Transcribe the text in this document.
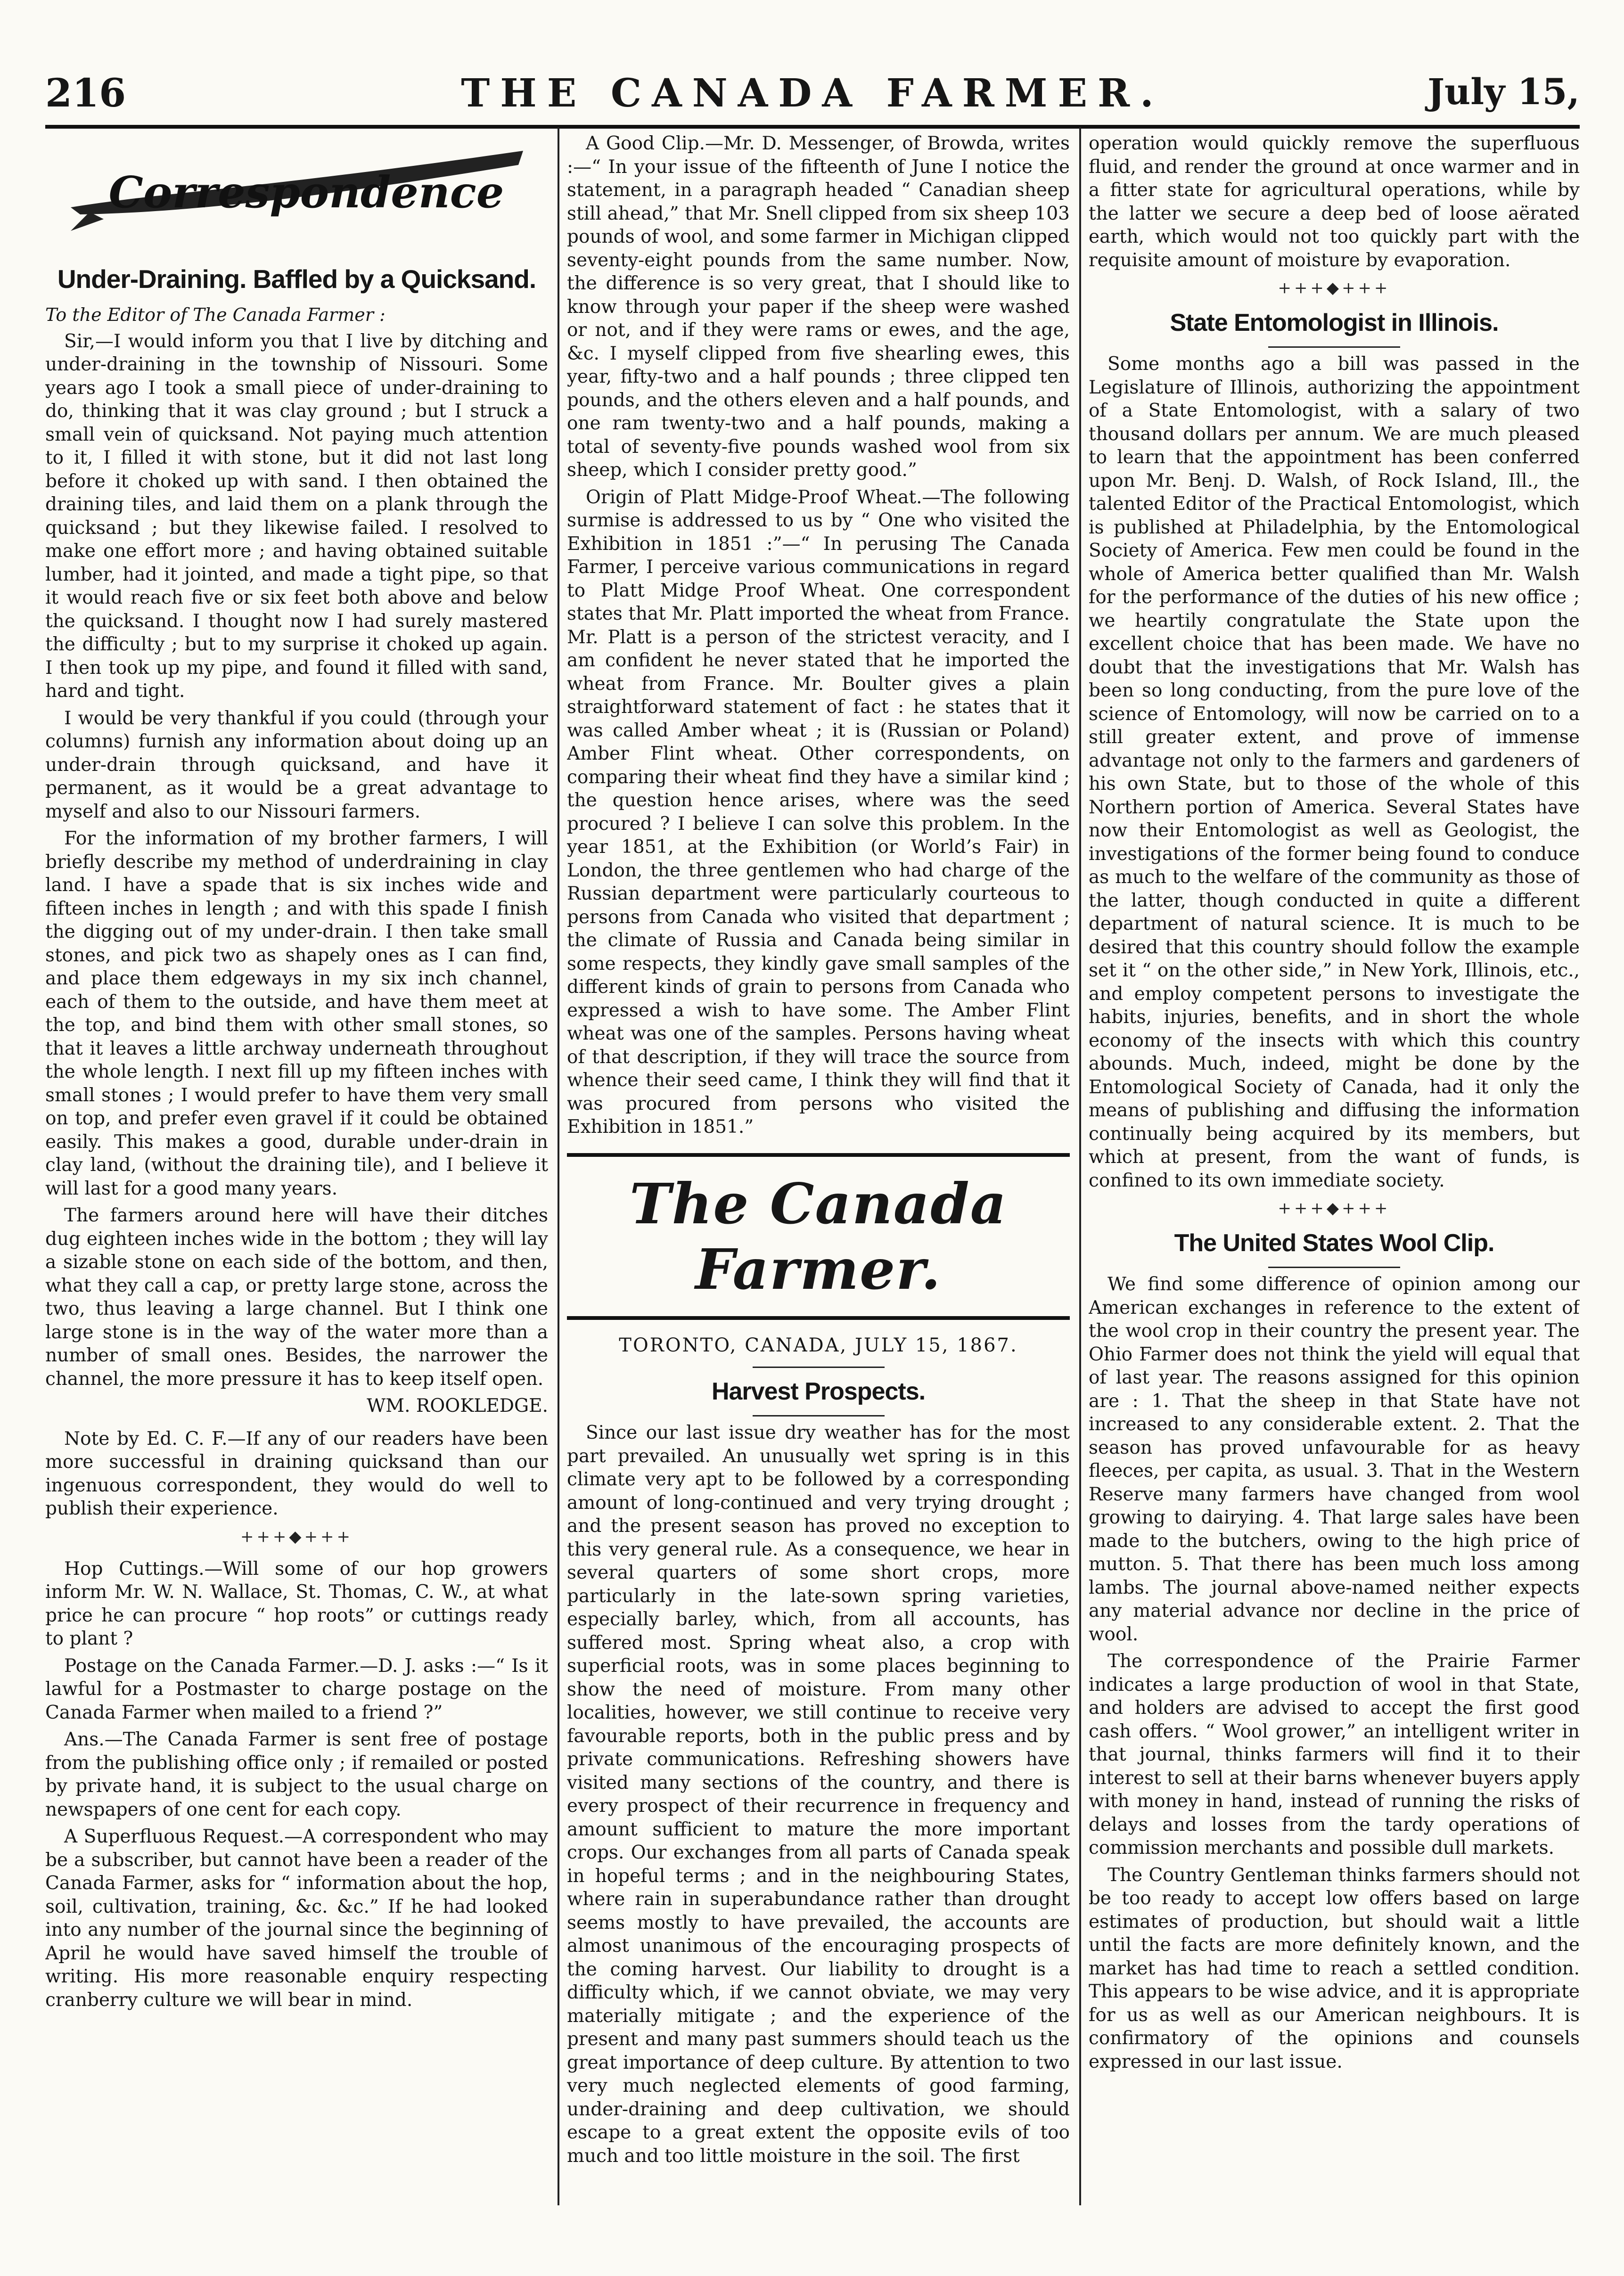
216	THE CANADA FARMER.	July 15,
Correspondence
Under-Draining. Baffled by a Quicksand.

To the Editor of The Canada Farmer :

Sir,—I would inform you that I live by ditching and under-draining in the township of Nissouri. Some years ago I took a small piece of under-draining to do, thinking that it was clay ground ; but I struck a small vein of quicksand. Not paying much attention to it, I filled it with stone, but it did not last long before it choked up with sand. I then obtained the draining tiles, and laid them on a plank through the quicksand ; but they likewise failed. I resolved to make one effort more ; and having obtained suitable lumber, had it jointed, and made a tight pipe, so that it would reach five or six feet both above and below the quicksand. I thought now I had surely mastered the difficulty ; but to my surprise it choked up again. I then took up my pipe, and found it filled with sand, hard and tight.

I would be very thankful if you could (through your columns) furnish any information about doing up an under-drain through quicksand, and have it permanent, as it would be a great advantage to myself and also to our Nissouri farmers.

For the information of my brother farmers, I will briefly describe my method of underdraining in clay land. I have a spade that is six inches wide and fifteen inches in length ; and with this spade I finish the digging out of my under-drain. I then take small stones, and pick two as shapely ones as I can find, and place them edgeways in my six inch channel, each of them to the outside, and have them meet at the top, and bind them with other small stones, so that it leaves a little archway underneath throughout the whole length. I next fill up my fifteen inches with small stones ; I would prefer to have them very small on top, and prefer even gravel if it could be obtained easily. This makes a good, durable under-drain in clay land, (without the draining tile), and I believe it will last for a good many years.

The farmers around here will have their ditches dug eighteen inches wide in the bottom ; they will lay a sizable stone on each side of the bottom, and then, what they call a cap, or pretty large stone, across the two, thus leaving a large channel. But I think one large stone is in the way of the water more than a number of small ones. Besides, the narrower the channel, the more pressure it has to keep itself open.

WM. ROOKLEDGE.

Note by Ed. C. F.—If any of our readers have been more successful in draining quicksand than our ingenuous correspondent, they would do well to publish their experience.

+++◆+++

Hop Cuttings.—Will some of our hop growers inform Mr. W. N. Wallace, St. Thomas, C. W., at what price he can procure “ hop roots” or cuttings ready to plant ?

Postage on the Canada Farmer.—D. J. asks :—“ Is it lawful for a Postmaster to charge postage on the Canada Farmer when mailed to a friend ?”

Ans.—The Canada Farmer is sent free of postage from the publishing office only ; if remailed or posted by private hand, it is subject to the usual charge on newspapers of one cent for each copy.

A Superfluous Request.—A correspondent who may be a subscriber, but cannot have been a reader of the Canada Farmer, asks for “ information about the hop, soil, cultivation, training, &c. &c.” If he had looked into any number of the journal since the beginning of April he would have saved himself the trouble of writing. His more reasonable enquiry respecting cranberry culture we will bear in mind.

A Good Clip.—Mr. D. Messenger, of Browda, writes :—“ In your issue of the fifteenth of June I notice the statement, in a paragraph headed “ Canadian sheep still ahead,” that Mr. Snell clipped from six sheep 103 pounds of wool, and some farmer in Michigan clipped seventy-eight pounds from the same number. Now, the difference is so very great, that I should like to know through your paper if the sheep were washed or not, and if they were rams or ewes, and the age, &c. I myself clipped from five shearling ewes, this year, fifty-two and a half pounds ; three clipped ten pounds, and the others eleven and a half pounds, and one ram twenty-two and a half pounds, making a total of seventy-five pounds washed wool from six sheep, which I consider pretty good.”

Origin of Platt Midge-Proof Wheat.—The following surmise is addressed to us by “ One who visited the Exhibition in 1851 :”—“ In perusing The Canada Farmer, I perceive various communications in regard to Platt Midge Proof Wheat. One correspondent states that Mr. Platt imported the wheat from France. Mr. Platt is a person of the strictest veracity, and I am confident he never stated that he imported the wheat from France. Mr. Boulter gives a plain straightforward statement of fact : he states that it was called Amber wheat ; it is (Russian or Poland) Amber Flint wheat. Other correspondents, on comparing their wheat find they have a similar kind ; the question hence arises, where was the seed procured ? I believe I can solve this problem. In the year 1851, at the Exhibition (or World’s Fair) in London, the three gentlemen who had charge of the Russian department were particularly courteous to persons from Canada who visited that department ; the climate of Russia and Canada being similar in some respects, they kindly gave small samples of the different kinds of grain to persons from Canada who expressed a wish to have some. The Amber Flint wheat was one of the samples. Persons having wheat of that description, if they will trace the source from whence their seed came, I think they will find that it was procured from persons who visited the Exhibition in 1851.”

The Canada Farmer.

TORONTO, CANADA, JULY 15, 1867.

Harvest Prospects.

Since our last issue dry weather has for the most part prevailed. An unusually wet spring is in this climate very apt to be followed by a corresponding amount of long-continued and very trying drought ; and the present season has proved no exception to this very general rule. As a consequence, we hear in several quarters of some short crops, more particularly in the late-sown spring varieties, especially barley, which, from all accounts, has suffered most. Spring wheat also, a crop with superficial roots, was in some places beginning to show the need of moisture. From many other localities, however, we still continue to receive very favourable reports, both in the public press and by private communications. Refreshing showers have visited many sections of the country, and there is every prospect of their recurrence in frequency and amount sufficient to mature the more important crops. Our exchanges from all parts of Canada speak in hopeful terms ; and in the neighbouring States, where rain in superabundance rather than drought seems mostly to have prevailed, the accounts are almost unanimous of the encouraging prospects of the coming harvest. Our liability to drought is a difficulty which, if we cannot obviate, we may very materially mitigate ; and the experience of the present and many past summers should teach us the great importance of deep culture. By attention to two very much neglected elements of good farming, under-draining and deep cultivation, we should escape to a great extent the opposite evils of too much and too little moisture in the soil. The first

operation would quickly remove the superfluous fluid, and render the ground at once warmer and in a fitter state for agricultural operations, while by the latter we secure a deep bed of loose aërated earth, which would not too quickly part with the requisite amount of moisture by evaporation.

+++◆+++
State Entomologist in Illinois.

Some months ago a bill was passed in the Legislature of Illinois, authorizing the appointment of a State Entomologist, with a salary of two thousand dollars per annum. We are much pleased to learn that the appointment has been conferred upon Mr. Benj. D. Walsh, of Rock Island, Ill., the talented Editor of the Practical Entomologist, which is published at Philadelphia, by the Entomological Society of America. Few men could be found in the whole of America better qualified than Mr. Walsh for the performance of the duties of his new office ; we heartily congratulate the State upon the excellent choice that has been made. We have no doubt that the investigations that Mr. Walsh has been so long conducting, from the pure love of the science of Entomology, will now be carried on to a still greater extent, and prove of immense advantage not only to the farmers and gardeners of his own State, but to those of the whole of this Northern portion of America. Several States have now their Entomologist as well as Geologist, the investigations of the former being found to conduce as much to the welfare of the community as those of the latter, though conducted in quite a different department of natural science. It is much to be desired that this country should follow the example set it “ on the other side,” in New York, Illinois, etc., and employ competent persons to investigate the habits, injuries, benefits, and in short the whole economy of the insects with which this country abounds. Much, indeed, might be done by the Entomological Society of Canada, had it only the means of publishing and diffusing the information continually being acquired by its members, but which at present, from the want of funds, is confined to its own immediate society.

+++◆+++
The United States Wool Clip.

We find some difference of opinion among our American exchanges in reference to the extent of the wool crop in their country the present year. The Ohio Farmer does not think the yield will equal that of last year. The reasons assigned for this opinion are : 1. That the sheep in that State have not increased to any considerable extent. 2. That the season has proved unfavourable for as heavy fleeces, per capita, as usual. 3. That in the Western Reserve many farmers have changed from wool growing to dairying. 4. That large sales have been made to the butchers, owing to the high price of mutton. 5. That there has been much loss among lambs. The journal above-named neither expects any material advance nor decline in the price of wool.

The correspondence of the Prairie Farmer indicates a large production of wool in that State, and holders are advised to accept the first good cash offers. “ Wool grower,” an intelligent writer in that journal, thinks farmers will find it to their interest to sell at their barns whenever buyers apply with money in hand, instead of running the risks of delays and losses from the tardy operations of commission merchants and possible dull markets.

The Country Gentleman thinks farmers should not be too ready to accept low offers based on large estimates of production, but should wait a little until the facts are more definitely known, and the market has had time to reach a settled condition. This appears to be wise advice, and it is appropriate for us as well as our American neighbours. It is confirmatory of the opinions and counsels expressed in our last issue.
